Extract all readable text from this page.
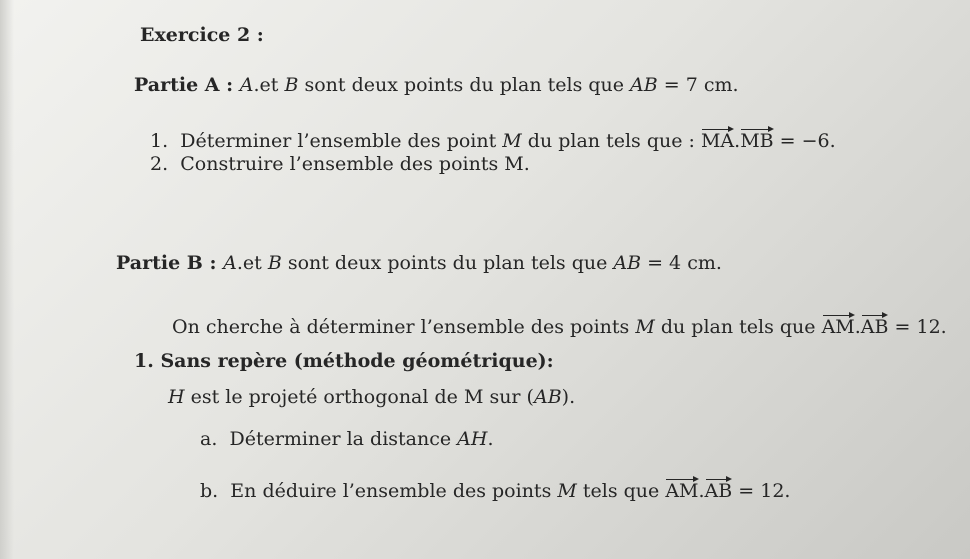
Exercice 2 :
Partie A : A.et B sont deux points du plan tels que AB = 7 cm.
1. Déterminer l’ensemble des point M du plan tels que : MA.MB = −6.
2. Construire l’ensemble des points M.
Partie B : A.et B sont deux points du plan tels que AB = 4 cm.
On cherche à déterminer l’ensemble des points M du plan tels que AM.AB = 12.
1. Sans repère (méthode géométrique):
H est le projeté orthogonal de M sur (AB).
a. Déterminer la distance AH.
b. En déduire l’ensemble des points M tels que AM.AB = 12.
